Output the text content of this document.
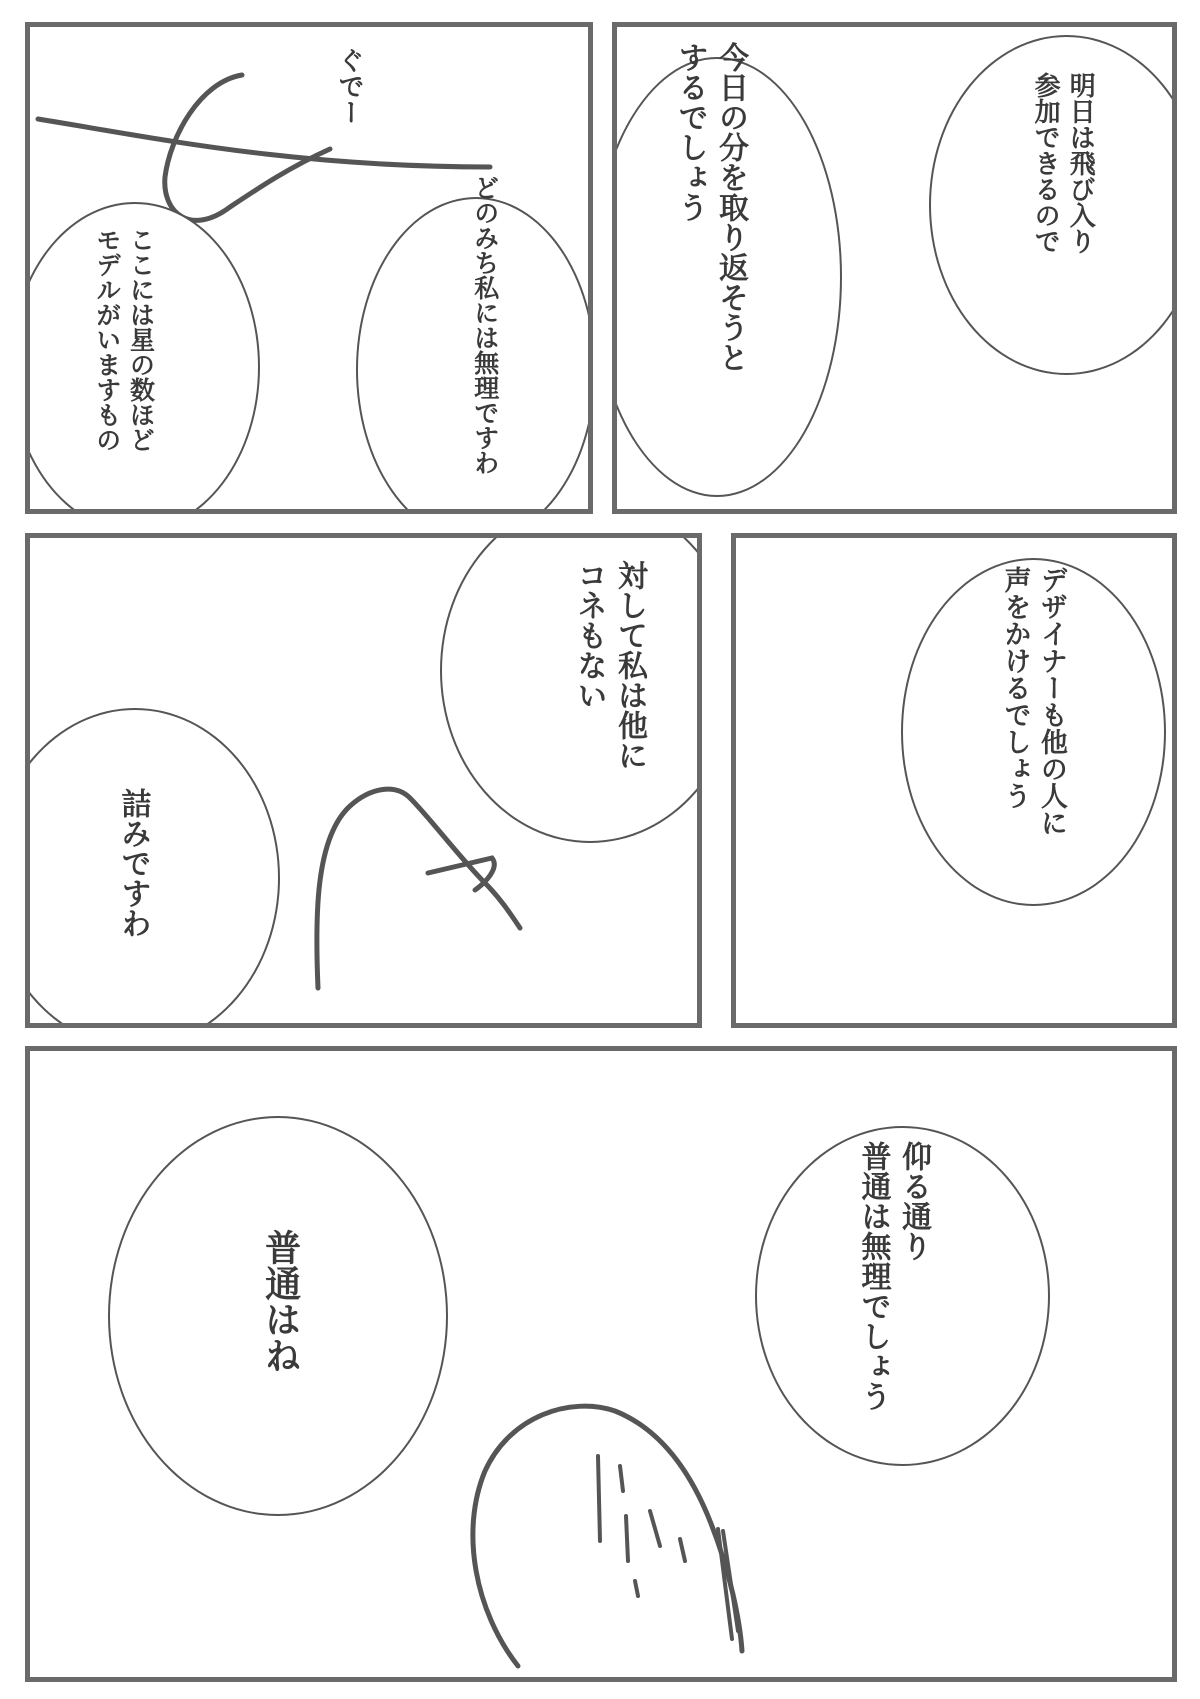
ぐでー
どのみち私には無理ですわ
ここには星の数ほど
モデルがいますもの
明日は飛び入り
参加できるので
今日の分を取り返そうと
するでしょう
対して私は他に
コネもない
詰みですわ
デザイナーも他の人に
声をかけるでしょう
普通はね
仰る通り
普通は無理でしょう
